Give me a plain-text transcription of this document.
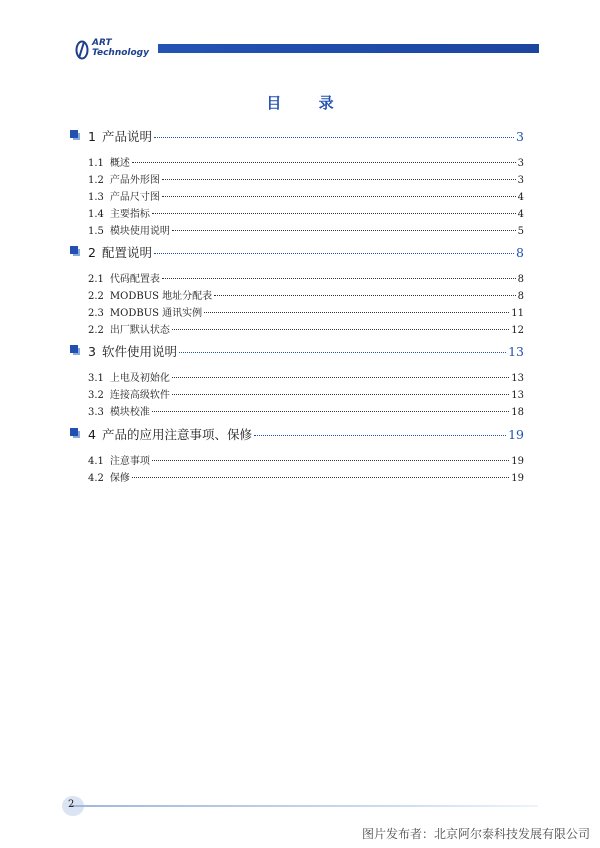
ART
Technology
目 录
1 产品说明	3
1.1 概述	3
1.2 产品外形图	3
1.3 产品尺寸图	4
1.4 主要指标	4
1.5 模块使用说明	5
2 配置说明	8
2.1 代码配置表	8
2.2 MODBUS 地址分配表	8
2.3 MODBUS 通讯实例	11
2.2 出厂默认状态	12
3 软件使用说明	13
3.1 上电及初始化	13
3.2 连接高级软件	13
3.3 模块校准	18
4 产品的应用注意事项、保修	19
4.1 注意事项	19
4.2 保修	19
2
图片发布者：北京阿尔泰科技发展有限公司
